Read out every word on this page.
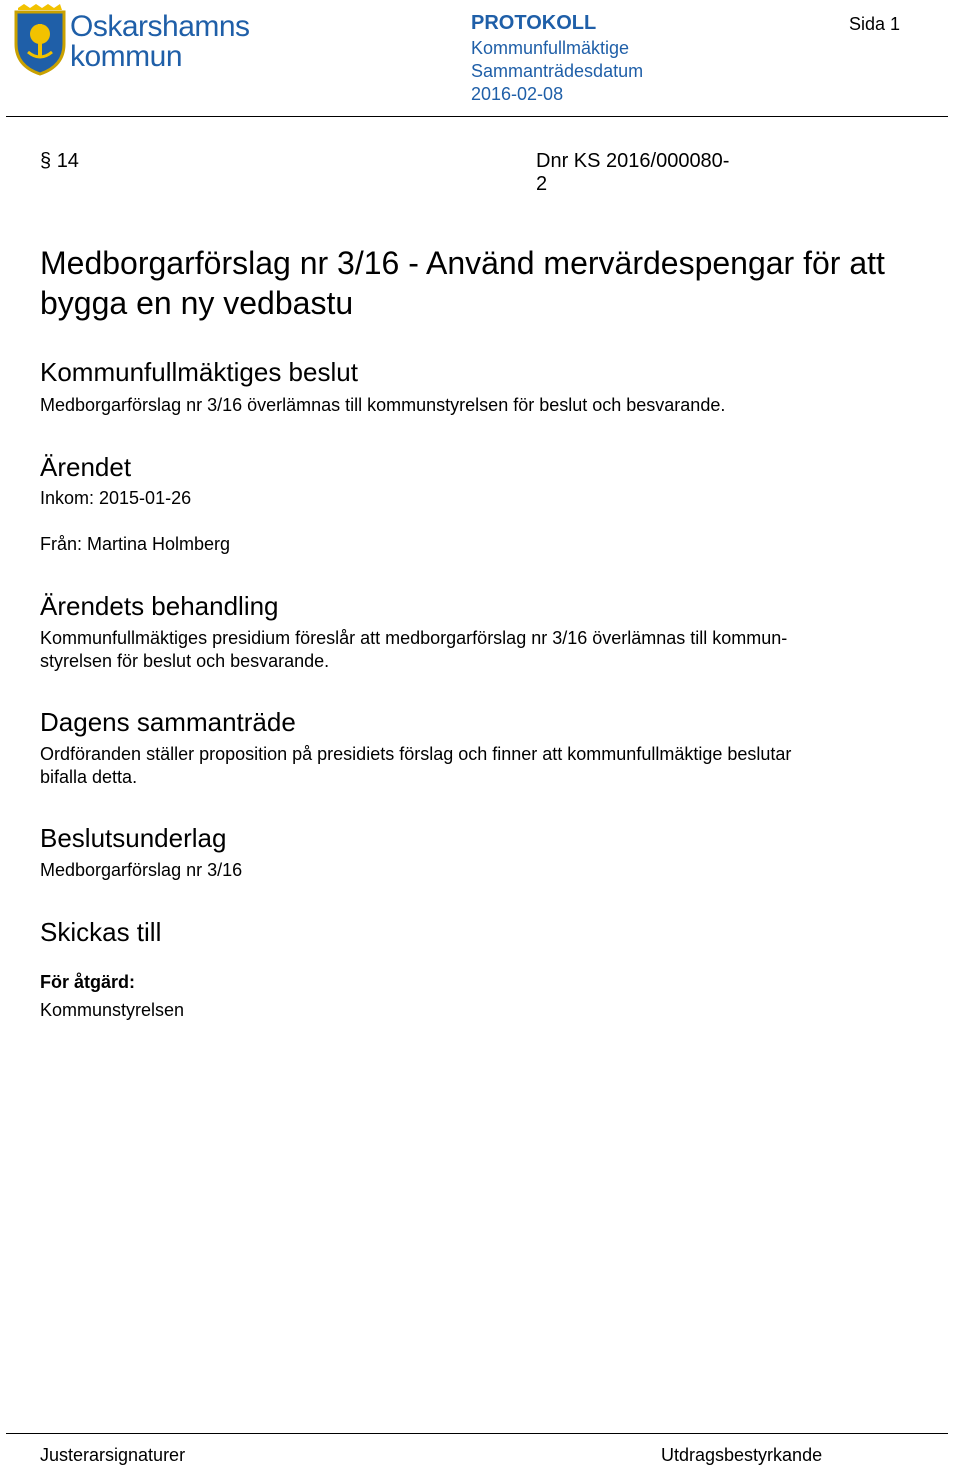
Oskarshamns
kommun
PROTOKOLL
Kommunfullmäktige
Sammanträdesdatum
2016-02-08
Sida 1
§ 14	Dnr KS 2016/000080-2
Medborgarförslag nr 3/16 - Använd mervärdespengar för att bygga en ny vedbastu
Kommunfullmäktiges beslut
Medborgarförslag nr 3/16 överlämnas till kommunstyrelsen för beslut och besvarande.
Ärendet
Inkom: 2015-01-26
Från: Martina Holmberg
Ärendets behandling
Kommunfullmäktiges presidium föreslår att medborgarförslag nr 3/16 överlämnas till kommun-
styrelsen för beslut och besvarande.
Dagens sammanträde
Ordföranden ställer proposition på presidiets förslag och finner att kommunfullmäktige beslutar
bifalla detta.
Beslutsunderlag
Medborgarförslag nr 3/16
Skickas till
För åtgärd:
Kommunstyrelsen
Justerarsignaturer	Utdragsbestyrkande
